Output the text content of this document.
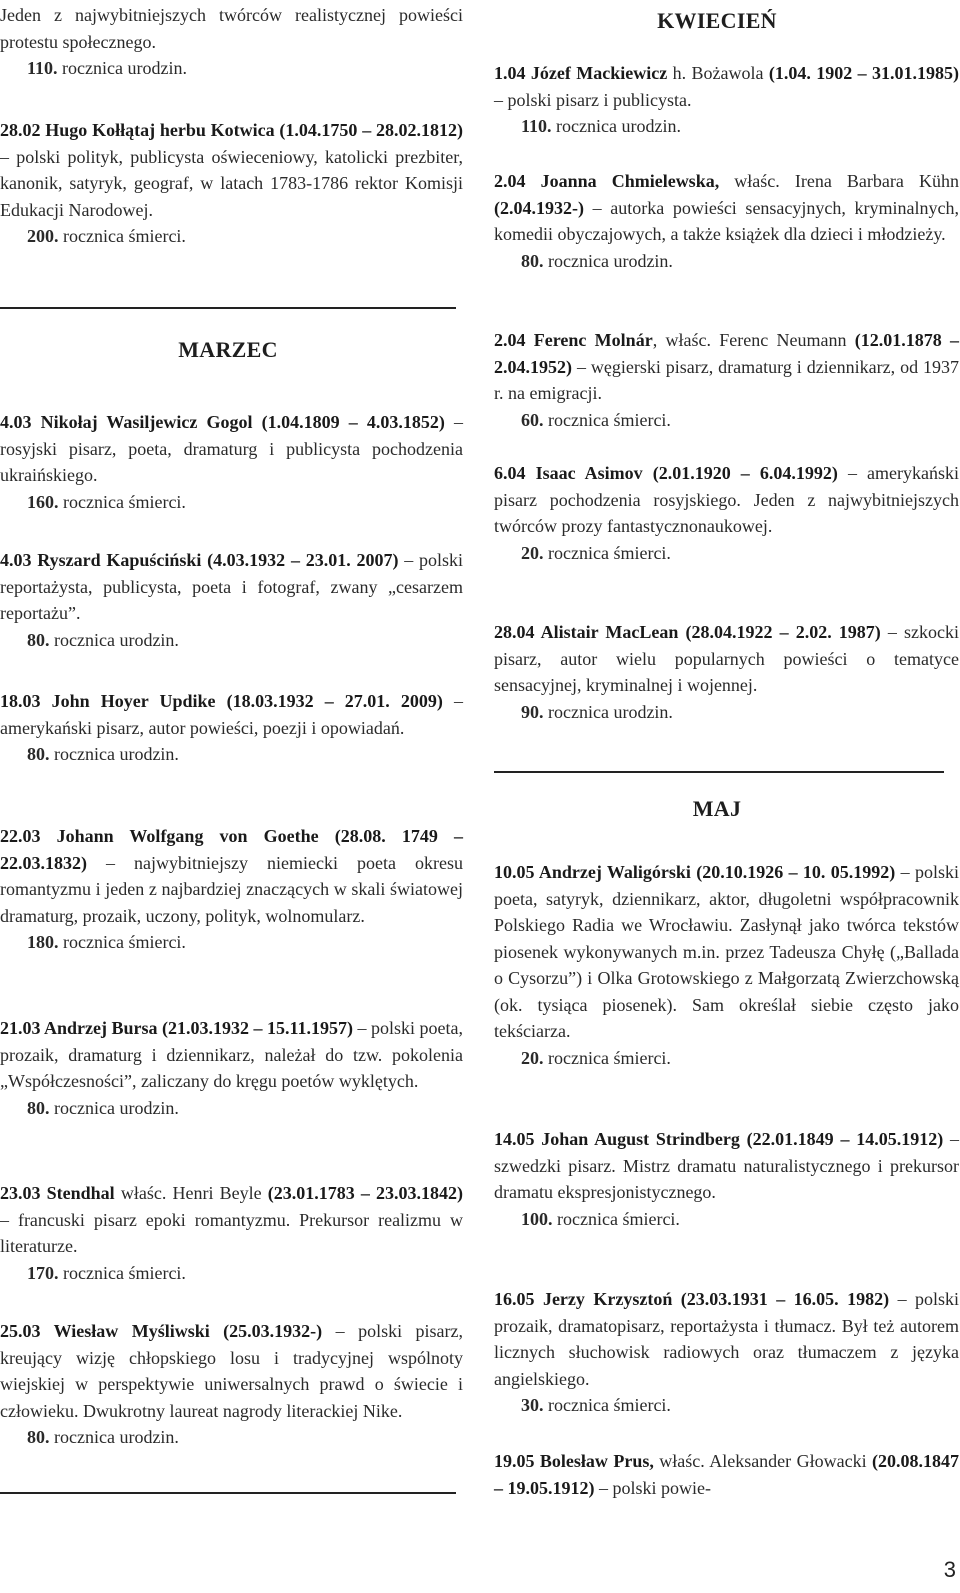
Jeden z najwybitniejszych twórców realistycznej powieści protestu społecznego.
110. rocznica urodzin.

28.02 Hugo Kołłątaj herbu Kotwica (1.04.1750 – 28.02.1812) – polski polityk, publicysta oświeceniowy, katolicki prezbiter, kanonik, satyryk, geograf, w latach 1783-1786 rektor Komisji Edukacji Narodowej.
200. rocznica śmierci.

MARZEC

4.03 Nikołaj Wasiljewicz Gogol (1.04.1809 – 4.03.1852) – rosyjski pisarz, poeta, dramaturg i publicysta pochodzenia ukraińskiego.
160. rocznica śmierci.

4.03 Ryszard Kapuściński (4.03.1932 – 23.01. 2007) – polski reportażysta, publicysta, poeta i fotograf, zwany „cesarzem reportażu”.
80. rocznica urodzin.

18.03 John Hoyer Updike (18.03.1932 – 27.01. 2009) – amerykański pisarz, autor powieści, poezji i opowiadań.
80. rocznica urodzin.

22.03 Johann Wolfgang von Goethe (28.08. 1749 – 22.03.1832) – najwybitniejszy niemiecki poeta okresu romantyzmu i jeden z najbardziej znaczących w skali światowej dramaturg, prozaik, uczony, polityk, wolnomularz.
180. rocznica śmierci.

21.03 Andrzej Bursa (21.03.1932 – 15.11.1957) – polski poeta, prozaik, dramaturg i dziennikarz, należał do tzw. pokolenia „Współczesności”, zaliczany do kręgu poetów wyklętych.
80. rocznica urodzin.

23.03 Stendhal właśc. Henri Beyle (23.01.1783 – 23.03.1842) – francuski pisarz epoki romantyzmu. Prekursor realizmu w literaturze.
170. rocznica śmierci.

25.03 Wiesław Myśliwski (25.03.1932-) – polski pisarz, kreujący wizję chłopskiego losu i tradycyjnej wspólnoty wiejskiej w perspektywie uniwersalnych prawd o świecie i człowieku. Dwukrotny laureat nagrody literackiej Nike.
80. rocznica urodzin.

KWIECIEŃ

1.04 Józef Mackiewicz h. Bożawola (1.04. 1902 – 31.01.1985) – polski pisarz i publicysta.
110. rocznica urodzin.

2.04 Joanna Chmielewska, właśc. Irena Barbara Kühn (2.04.1932-) – autorka powieści sensacyjnych, kryminalnych, komedii obyczajowych, a także książek dla dzieci i młodzieży.
80. rocznica urodzin.

2.04 Ferenc Molnár, właśc. Ferenc Neumann (12.01.1878 – 2.04.1952) – węgierski pisarz, dramaturg i dziennikarz, od 1937 r. na emigracji.
60. rocznica śmierci.

6.04 Isaac Asimov (2.01.1920 – 6.04.1992) – amerykański pisarz pochodzenia rosyjskiego. Jeden z najwybitniejszych twórców prozy fantastycznonaukowej.
20. rocznica śmierci.

28.04 Alistair MacLean (28.04.1922 – 2.02. 1987) – szkocki pisarz, autor wielu popularnych powieści o tematyce sensacyjnej, kryminalnej i wojennej.
90. rocznica urodzin.

MAJ

10.05 Andrzej Waligórski (20.10.1926 – 10. 05.1992) – polski poeta, satyryk, dziennikarz, aktor, długoletni współpracownik Polskiego Radia we Wrocławiu. Zasłynął jako twórca tekstów piosenek wykonywanych m.in. przez Tadeusza Chyłę („Ballada o Cysorzu”) i Olka Grotowskiego z Małgorzatą Zwierzchowską (ok. tysiąca piosenek). Sam określał siebie często jako tekściarza.
20. rocznica śmierci.

14.05 Johan August Strindberg (22.01.1849 – 14.05.1912) – szwedzki pisarz. Mistrz dramatu naturalistycznego i prekursor dramatu ekspresjonistycznego.
100. rocznica śmierci.

16.05 Jerzy Krzysztoń (23.03.1931 – 16.05. 1982) – polski prozaik, dramatopisarz, reportażysta i tłumacz. Był też autorem licznych słuchowisk radiowych oraz tłumaczem z języka angielskiego.
30. rocznica śmierci.

19.05 Bolesław Prus, właśc. Aleksander Głowacki (20.08.1847 – 19.05.1912) – polski powie-

3
